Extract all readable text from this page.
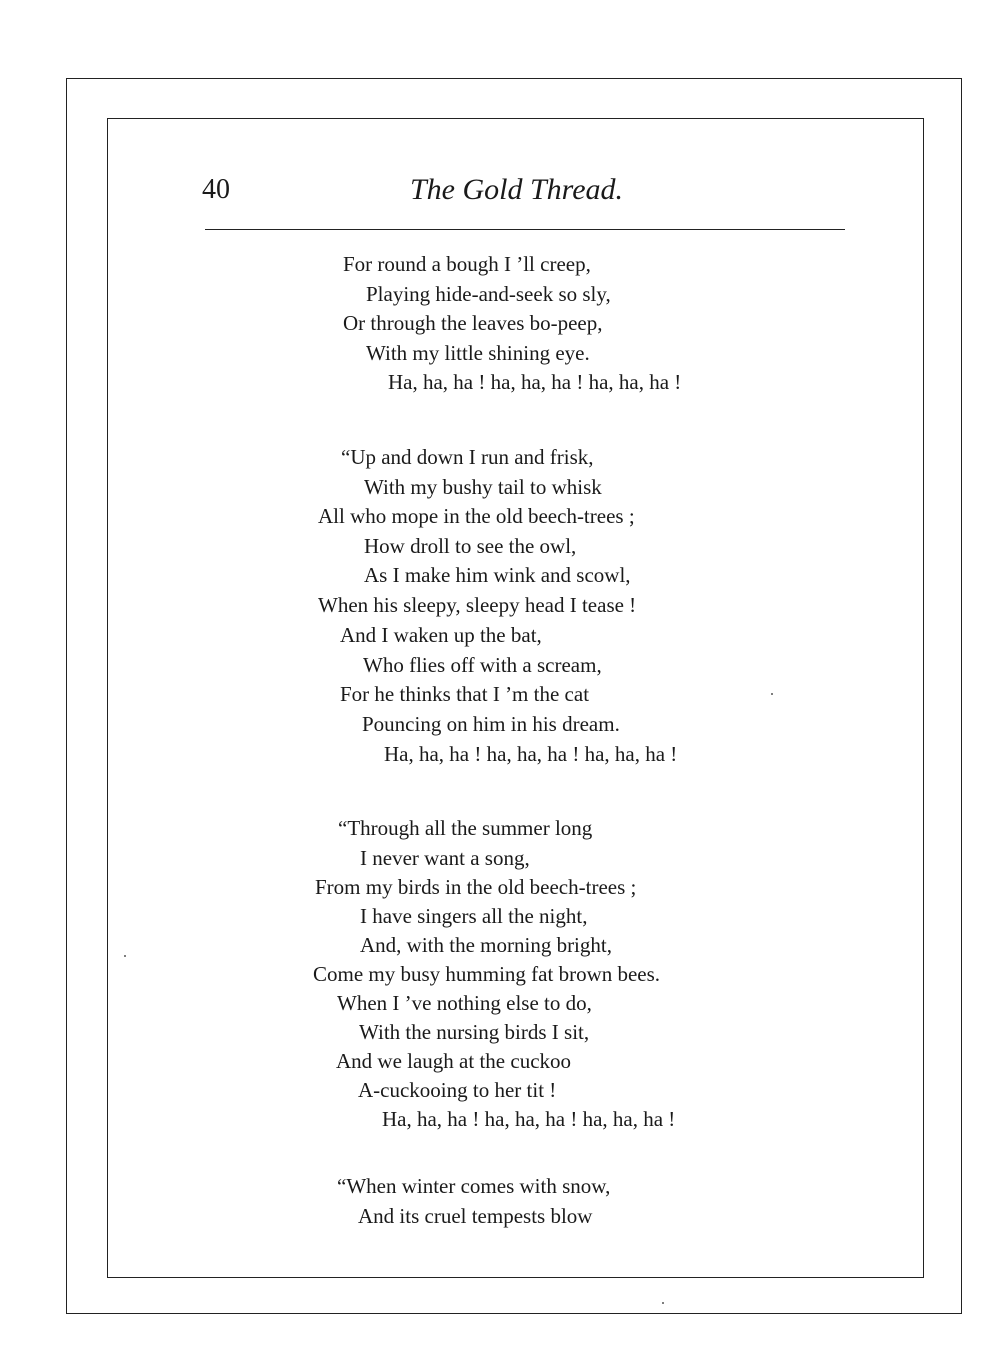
40	The Gold Thread.
For round a bough I ’ll creep,
Playing hide-and-seek so sly,
Or through the leaves bo-peep,
With my little shining eye.
Ha, ha, ha ! ha, ha, ha ! ha, ha, ha !
“Up and down I run and frisk,
With my bushy tail to whisk
All who mope in the old beech-trees ;
How droll to see the owl,
As I make him wink and scowl,
When his sleepy, sleepy head I tease !
And I waken up the bat,
Who flies off with a scream,
For he thinks that I ’m the cat
Pouncing on him in his dream.
Ha, ha, ha ! ha, ha, ha ! ha, ha, ha !
“Through all the summer long
I never want a song,
From my birds in the old beech-trees ;
I have singers all the night,
And, with the morning bright,
Come my busy humming fat brown bees.
When I ’ve nothing else to do,
With the nursing birds I sit,
And we laugh at the cuckoo
A-cuckooing to her tit !
Ha, ha, ha ! ha, ha, ha ! ha, ha, ha !
“When winter comes with snow,
And its cruel tempests blow
